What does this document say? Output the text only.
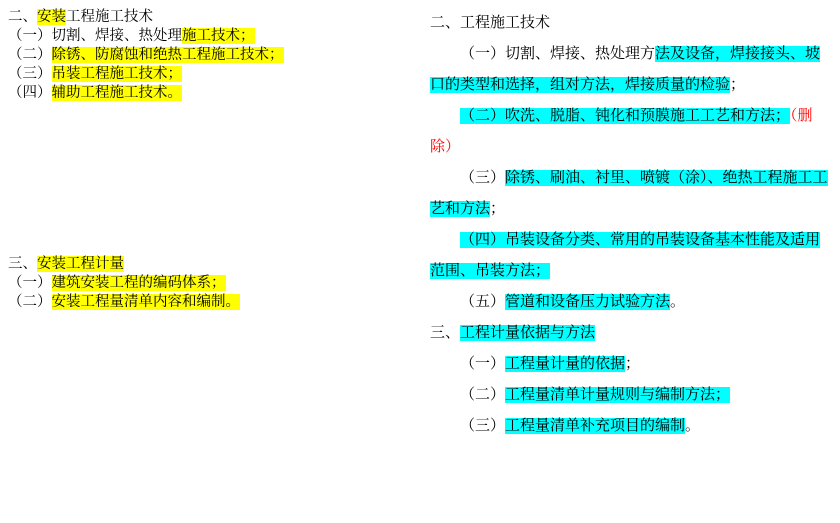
二、安装工程施工技术
（一）切割、焊接、热处理施工技术；
（二）除锈、防腐蚀和绝热工程施工技术；
（三）吊装工程施工技术；
（四）辅助工程施工技术。
三、安装工程计量
（一）建筑安装工程的编码体系；
（二）安装工程量清单内容和编制。
二、工程施工技术
（一）切割、焊接、热处理方法及设备，焊接接头、坡口的类型和选择，组对方法，焊接质量的检验；
（二）吹洗、脱脂、钝化和预膜施工工艺和方法；（删除）
（三）除锈、刷油、衬里、喷镀（涂）、绝热工程施工工艺和方法；
（四）吊装设备分类、常用的吊装设备基本性能及适用范围、吊装方法；
（五）管道和设备压力试验方法。
三、工程计量依据与方法
（一）工程量计量的依据；
（二）工程量清单计量规则与编制方法；
（三）工程量清单补充项目的编制。
